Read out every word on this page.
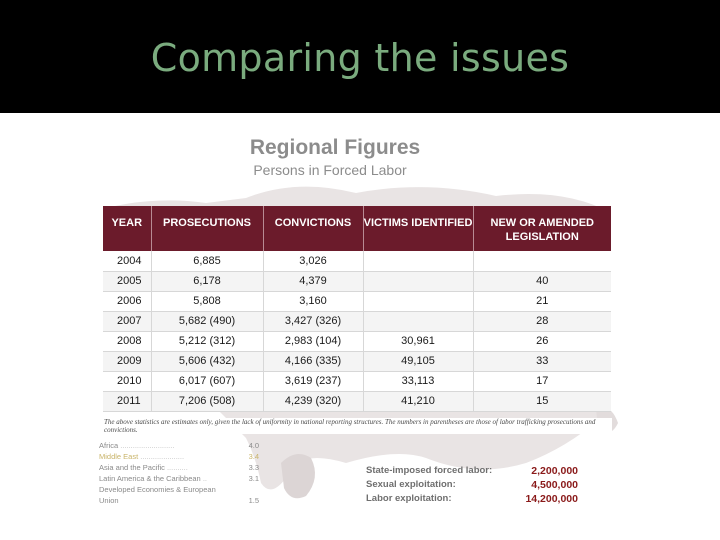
Comparing the issues
Regional Figures
Persons in Forced Labor
YEAR	PROSECUTIONS	CONVICTIONS	VICTIMS IDENTIFIED	NEW OR AMENDED LEGISLATION
2004	6,885	3,026		
2005	6,178	4,379		40
2006	5,808	3,160		21
2007	5,682 (490)	3,427 (326)		28
2008	5,212 (312)	2,983 (104)	30,961	26
2009	5,606 (432)	4,166 (335)	49,105	33
2010	6,017 (607)	3,619 (237)	33,113	17
2011	7,206 (508)	4,239 (320)	41,210	15
The above statistics are estimates only, given the lack of uniformity in national reporting structures. The numbers in parentheses are those of labor trafficking prosecutions and convictions.
Africa ..........................	4.0
Middle East .....................	3.4
Asia and the Pacific ..........	3.3
Latin America & the Caribbean ..	3.1
Developed Economies & European Union	1.5
State-imposed forced labor:	2,200,000
Sexual exploitation:	4,500,000
Labor exploitation:	14,200,000
